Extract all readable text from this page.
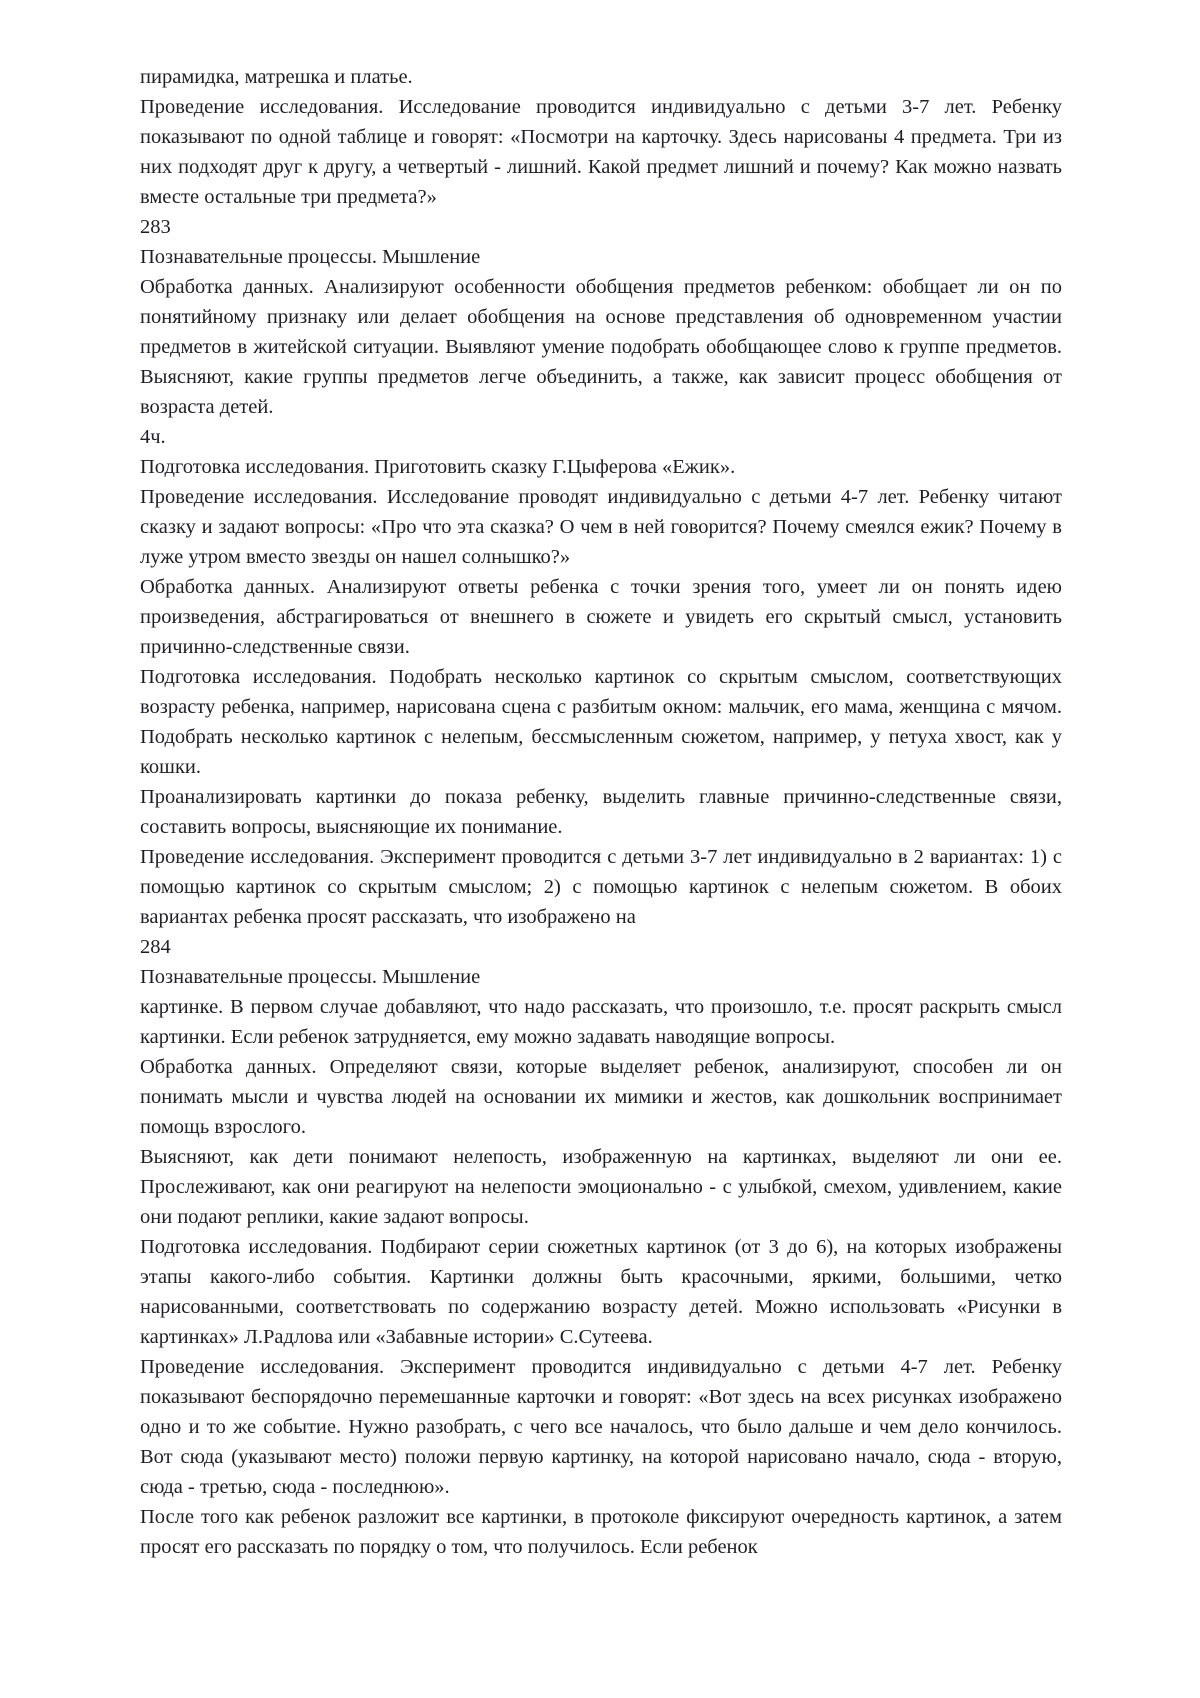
пирамидка, матрешка и платье.

Проведение исследования. Исследование проводится индивидуально с детьми 3-7 лет. Ребенку показывают по одной таблице и говорят: «Посмотри на карточку. Здесь нарисованы 4 предмета. Три из них подходят друг к другу, а четвертый - лишний. Какой предмет лишний и почему? Как можно назвать вместе остальные три предмета?»

283

Познавательные процессы. Мышление

Обработка данных. Анализируют особенности обобщения предметов ребенком: обобщает ли он по понятийному признаку или делает обобщения на основе представления об одновременном участии предметов в житейской ситуации. Выявляют умение подобрать обобщающее слово к группе предметов. Выясняют, какие группы предметов легче объединить, а также, как зависит процесс обобщения от возраста детей.

4ч.

Подготовка исследования. Приготовить сказку Г.Цыферова «Ежик».

Проведение исследования. Исследование проводят индивидуально с детьми 4-7 лет. Ребенку читают сказку и задают вопросы: «Про что эта сказка? О чем в ней говорится? Почему смеялся ежик? Почему в луже утром вместо звезды он нашел солнышко?»

Обработка данных. Анализируют ответы ребенка с точки зрения того, умеет ли он понять идею произведения, абстрагироваться от внешнего в сюжете и увидеть его скрытый смысл, установить причинно-следственные связи.

Подготовка исследования. Подобрать несколько картинок со скрытым смыслом, соответствующих возрасту ребенка, например, нарисована сцена с разбитым окном: мальчик, его мама, женщина с мячом. Подобрать несколько картинок с нелепым, бессмысленным сюжетом, например, у петуха хвост, как у кошки.

Проанализировать картинки до показа ребенку, выделить главные причинно-следственные связи, составить вопросы, выясняющие их понимание.

Проведение исследования. Эксперимент проводится с детьми 3-7 лет индивидуально в 2 вариантах: 1) с помощью картинок со скрытым смыслом; 2) с помощью картинок с нелепым сюжетом. В обоих вариантах ребенка просят рассказать, что изображено на

284

Познавательные процессы. Мышление

картинке. В первом случае добавляют, что надо рассказать, что произошло, т.е. просят раскрыть смысл картинки. Если ребенок затрудняется, ему можно задавать наводящие вопросы.

Обработка данных. Определяют связи, которые выделяет ребенок, анализируют, способен ли он понимать мысли и чувства людей на основании их мимики и жестов, как дошкольник воспринимает помощь взрослого.

Выясняют, как дети понимают нелепость, изображенную на картинках, выделяют ли они ее. Прослеживают, как они реагируют на нелепости эмоционально - с улыбкой, смехом, удивлением, какие они подают реплики, какие задают вопросы.

Подготовка исследования. Подбирают серии сюжетных картинок (от 3 до 6), на которых изображены этапы какого-либо события. Картинки должны быть красочными, яркими, большими, четко нарисованными, соответствовать по содержанию возрасту детей. Можно использовать «Рисунки в картинках» Л.Радлова или «Забавные истории» С.Сутеева.

Проведение исследования. Эксперимент проводится индивидуально с детьми 4-7 лет. Ребенку показывают беспорядочно перемешанные карточки и говорят: «Вот здесь на всех рисунках изображено одно и то же событие. Нужно разобрать, с чего все началось, что было дальше и чем дело кончилось. Вот сюда (указывают место) положи первую картинку, на которой нарисовано начало, сюда - вторую, сюда - третью, сюда - последнюю».

После того как ребенок разложит все картинки, в протоколе фиксируют очередность картинок, а затем просят его рассказать по порядку о том, что получилось. Если ребенок
